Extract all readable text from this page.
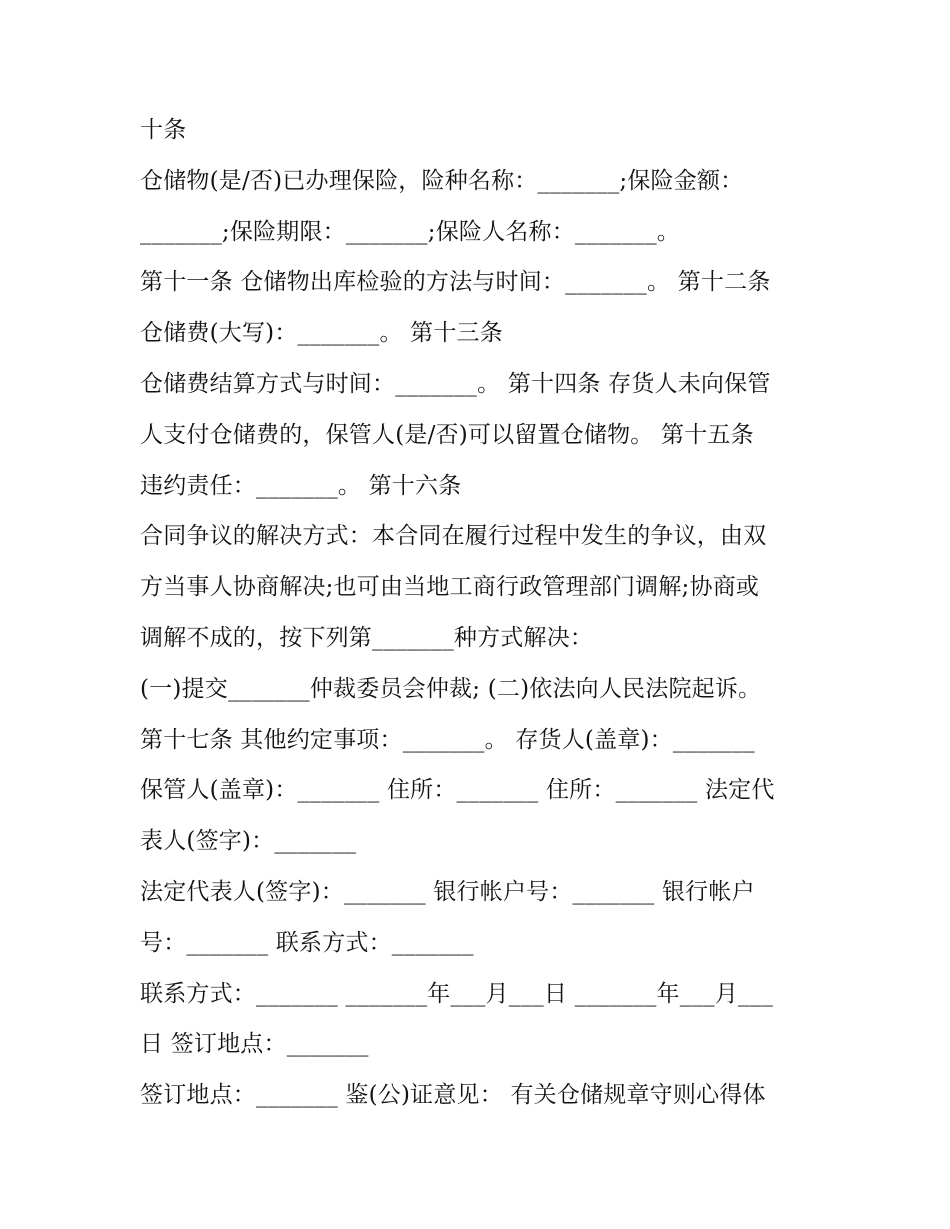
十条
仓储物(是/否)已办理保险，险种名称：_______;保险金额：
_______;保险期限：_______;保险人名称：_______。
第十一条 仓储物出库检验的方法与时间：_______。 第十二条
仓储费(大写)：_______。 第十三条
仓储费结算方式与时间：_______。 第十四条 存货人未向保管
人支付仓储费的，保管人(是/否)可以留置仓储物。 第十五条
违约责任：_______。 第十六条
合同争议的解决方式：本合同在履行过程中发生的争议，由双
方当事人协商解决;也可由当地工商行政管理部门调解;协商或
调解不成的，按下列第_______种方式解决：
(一)提交_______仲裁委员会仲裁; (二)依法向人民法院起诉。
第十七条 其他约定事项：_______。 存货人(盖章)：_______
保管人(盖章)：_______ 住所：_______ 住所：_______ 法定代
表人(签字)：_______
法定代表人(签字)：_______ 银行帐户号：_______ 银行帐户
号：_______ 联系方式：_______
联系方式：_______ _______年___月___日 _______年___月___
日 签订地点：_______
签订地点：_______ 鉴(公)证意见： 有关仓储规章守则心得体
